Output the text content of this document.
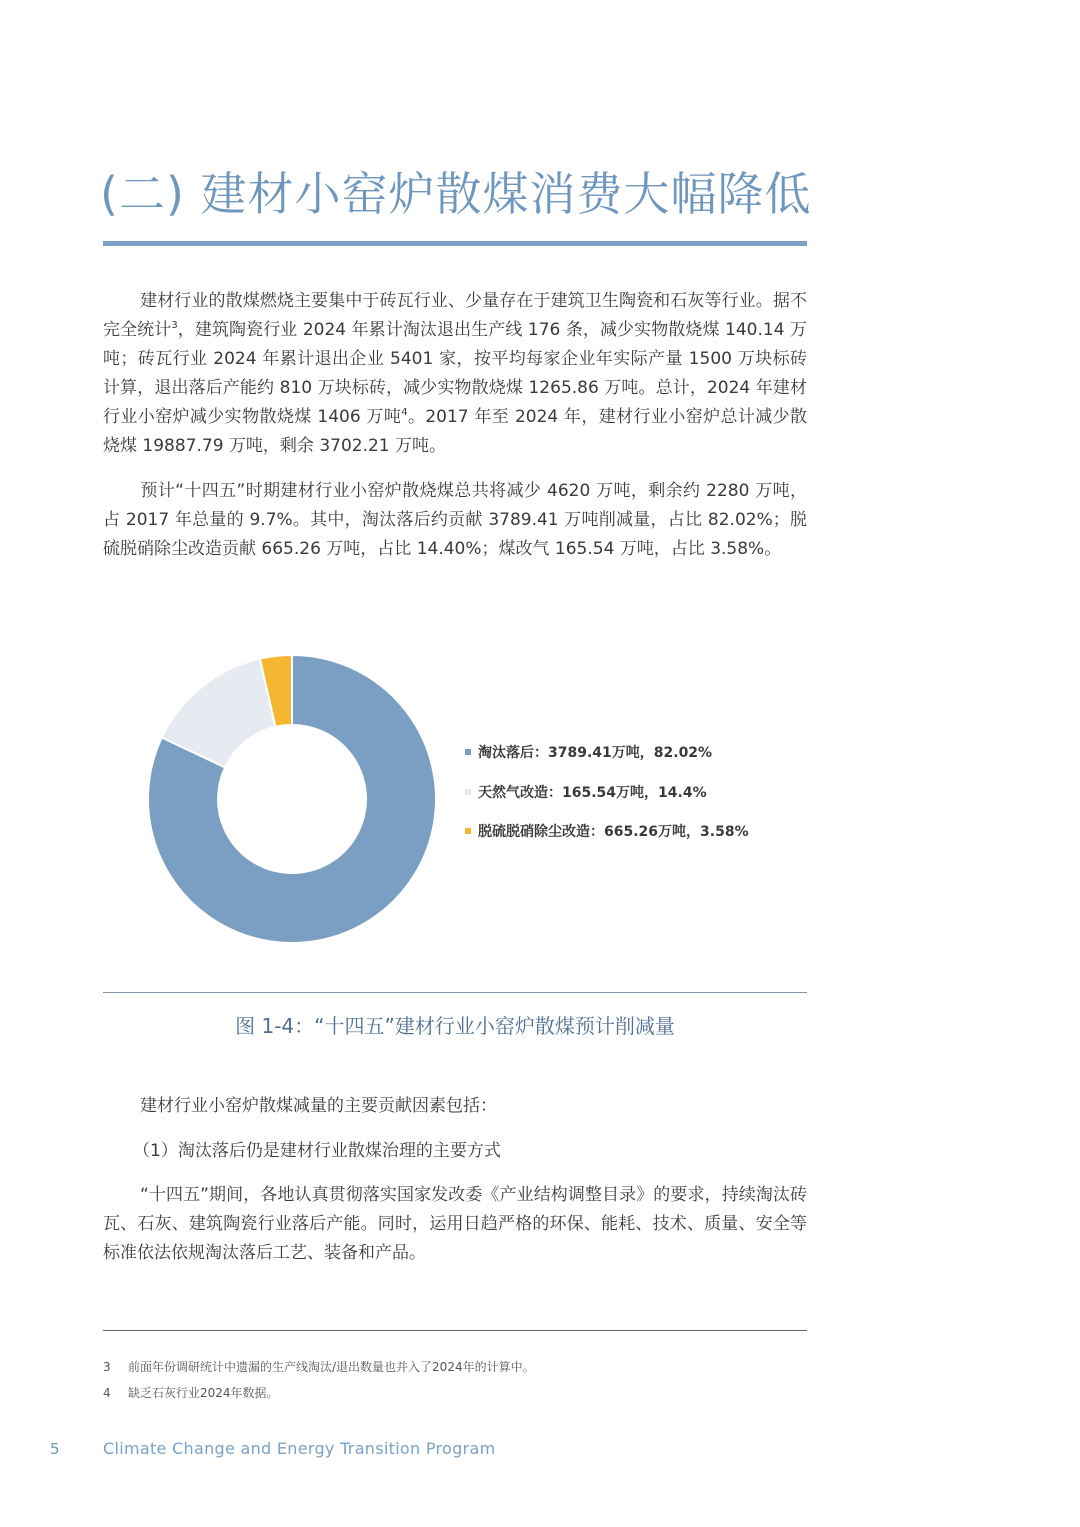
(二) 建材小窑炉散煤消费大幅降低

建材行业的散煤燃烧主要集中于砖瓦行业、少量存在于建筑卫生陶瓷和石灰等行业。据不完全统计$^3$，建筑陶瓷行业 2024 年累计淘汰退出生产线 176 条，减少实物散烧煤 140.14 万吨；砖瓦行业 2024 年累计退出企业 5401 家，按平均每家企业年实际产量 1500 万块标砖计算，退出落后产能约 810 万块标砖，减少实物散烧煤 1265.86 万吨。总计，2024 年建材行业小窑炉减少实物散烧煤 1406 万吨$^4$。2017 年至 2024 年，建材行业小窑炉总计减少散烧煤 19887.79 万吨，剩余 3702.21 万吨。

预计“十四五”时期建材行业小窑炉散烧煤总共将减少 4620 万吨，剩余约 2280 万吨，占 2017 年总量的 9.7%。其中，淘汰落后约贡献 3789.41 万吨削减量，占比 82.02%；脱硫脱硝除尘改造贡献 665.26 万吨，占比 14.40%；煤改气 165.54 万吨，占比 3.58%。

淘汰落后：3789.41万吨，82.02%
天然气改造：165.54万吨，14.4%
脱硫脱硝除尘改造：665.26万吨，3.58%
图 1-4：“十四五”建材行业小窑炉散煤预计削减量

建材行业小窑炉散煤减量的主要贡献因素包括：

（1）淘汰落后仍是建材行业散煤治理的主要方式

“十四五”期间，各地认真贯彻落实国家发改委《产业结构调整目录》的要求，持续淘汰砖瓦、石灰、建筑陶瓷行业落后产能。同时，运用日趋严格的环保、能耗、技术、质量、安全等标准依法依规淘汰落后工艺、装备和产品。

3 前面年份调研统计中遗漏的生产线淘汰/退出数量也并入了2024年的计算中。
4 缺乏石灰行业2024年数据。
5	Climate Change and Energy Transition Program
